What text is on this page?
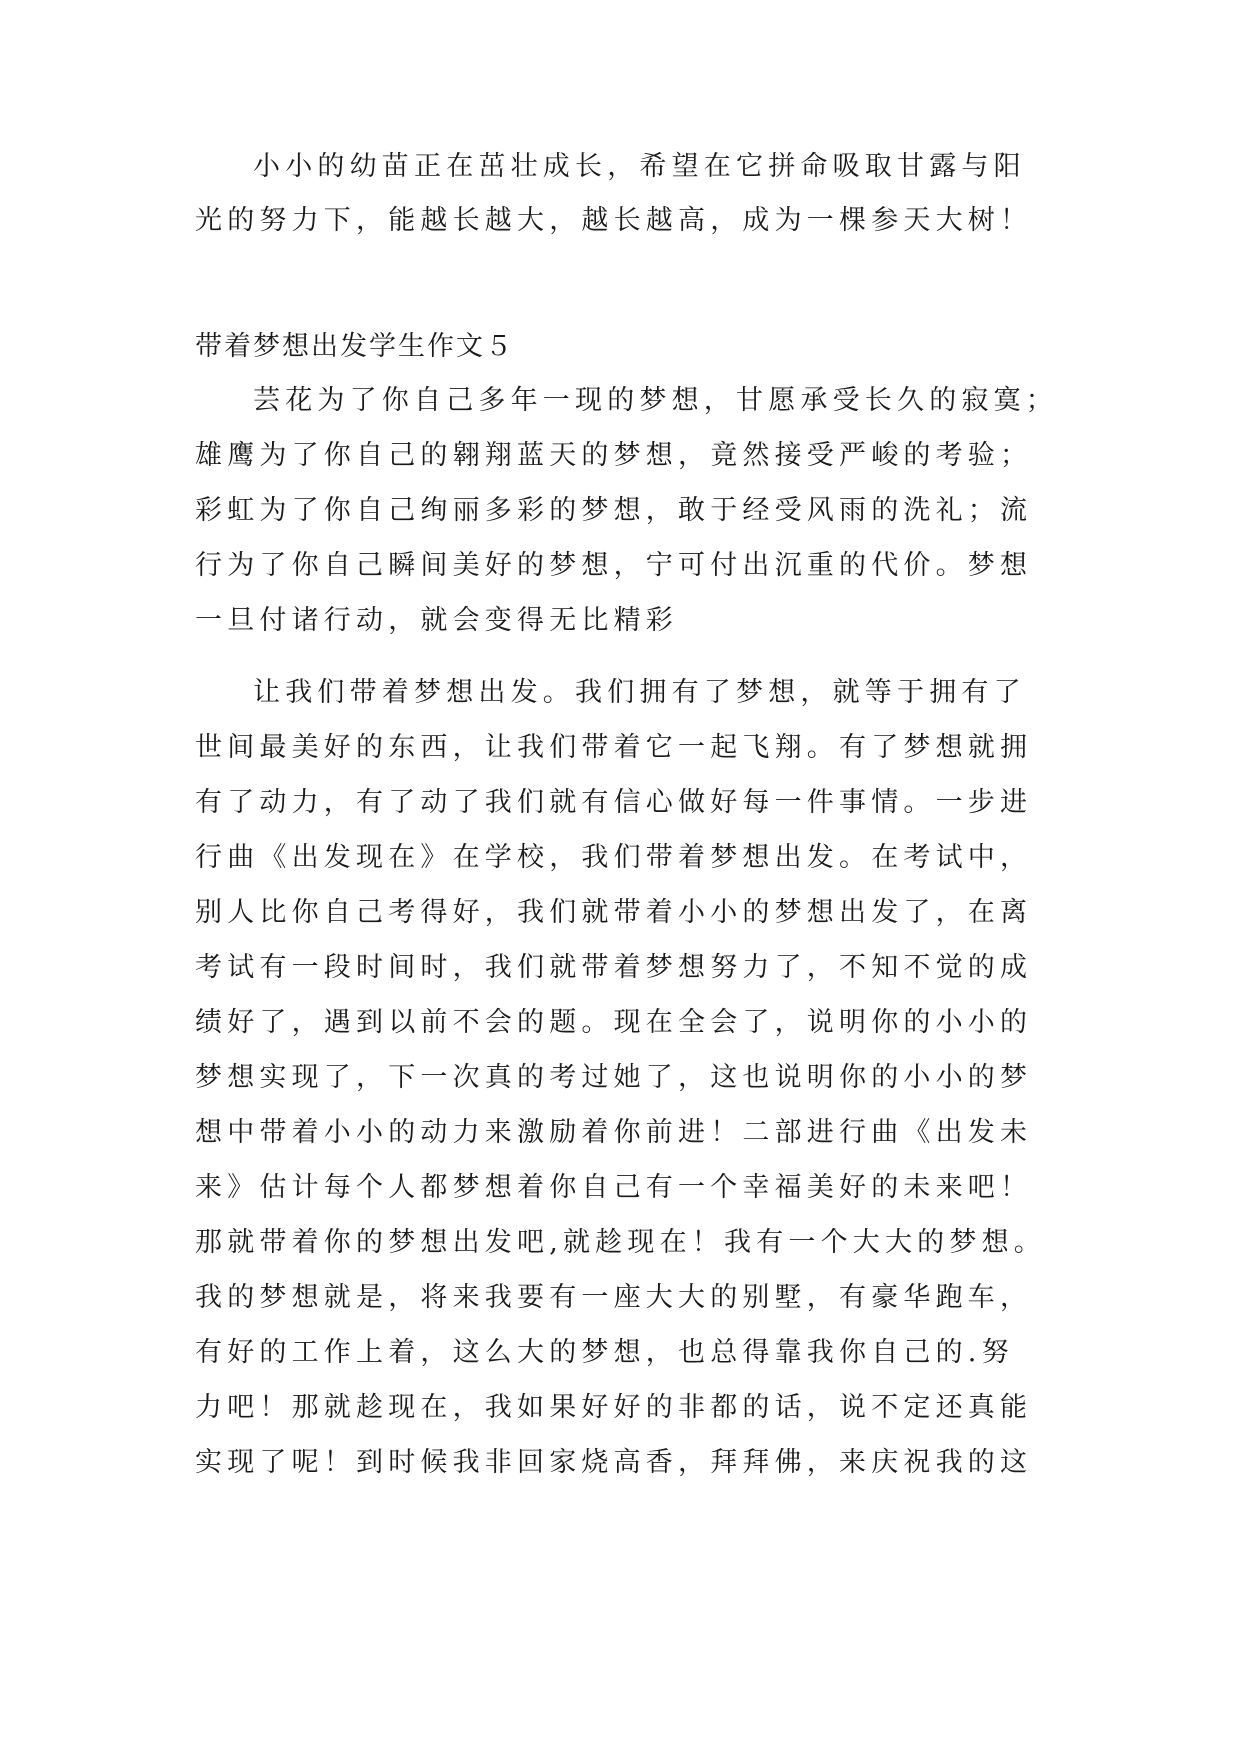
小小的幼苗正在茁壮成长，希望在它拼命吸取甘露与阳
光的努力下，能越长越大，越长越高，成为一棵参天大树！
带着梦想出发学生作文５
芸花为了你自己多年一现的梦想，甘愿承受长久的寂寞；
雄鹰为了你自己的翱翔蓝天的梦想，竟然接受严峻的考验；
彩虹为了你自己绚丽多彩的梦想，敢于经受风雨的洗礼；流
行为了你自己瞬间美好的梦想，宁可付出沉重的代价。梦想
一旦付诸行动，就会变得无比精彩
让我们带着梦想出发。我们拥有了梦想，就等于拥有了
世间最美好的东西，让我们带着它一起飞翔。有了梦想就拥
有了动力，有了动了我们就有信心做好每一件事情。一步进
行曲《出发现在》在学校，我们带着梦想出发。在考试中，
别人比你自己考得好，我们就带着小小的梦想出发了，在离
考试有一段时间时，我们就带着梦想努力了，不知不觉的成
绩好了，遇到以前不会的题。现在全会了，说明你的小小的
梦想实现了，下一次真的考过她了，这也说明你的小小的梦
想中带着小小的动力来激励着你前进！二部进行曲《出发未
来》估计每个人都梦想着你自己有一个幸福美好的未来吧！
那就带着你的梦想出发吧,就趁现在！我有一个大大的梦想。
我的梦想就是，将来我要有一座大大的别墅，有豪华跑车，
有好的工作上着，这么大的梦想，也总得靠我你自己的.努
力吧！那就趁现在，我如果好好的非都的话，说不定还真能
实现了呢！到时候我非回家烧高香，拜拜佛，来庆祝我的这
